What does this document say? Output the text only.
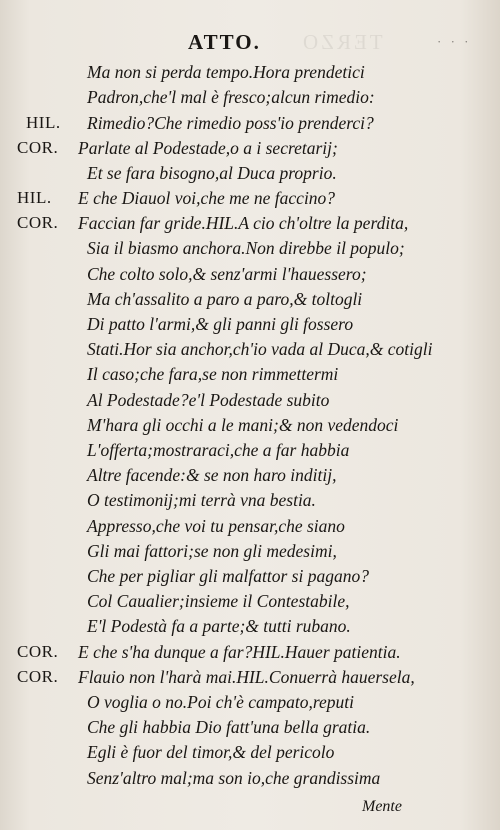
TERZO
ATTO.	· · ·
Ma non si perda tempo.Hora prendetici
Padron,che'l mal è fresco;alcun rimedio:
HIL. Rimedio?Che rimedio poss'io prenderci?
COR. Parlate al Podestade,o a i secretarij;
Et se fara bisogno,al Duca proprio.
HIL. E che Diauol voi,che me ne faccino?
COR. Faccian far gride.HIL.A cio ch'oltre la perdita,
Sia il biasmo anchora.Non direbbe il populo;
Che colto solo,& senz'armi l'hauessero;
Ma ch'assalito a paro a paro,& toltogli
Di patto l'armi,& gli panni gli fossero
Stati.Hor sia anchor,ch'io vada al Duca,& cotigli
Il caso;che fara,se non rimmettermi
Al Podestade?e'l Podestade subito
M'hara gli occhi a le mani;& non vedendoci
L'offerta;mostraraci,che a far habbia
Altre facende:& se non haro inditij,
O testimonij;mi terrà vna bestia.
Appresso,che voi tu pensar,che siano
Gli mai fattori;se non gli medesimi,
Che per pigliar gli malfattor si pagano?
Col Caualier;insieme il Contestabile,
E'l Podestà fa a parte;& tutti rubano.
COR. E che s'ha dunque a far?HIL.Hauer patientia.
COR. Flauio non l'harà mai.HIL.Conuerrà hauersela,
O voglia o no.Poi ch'è campato,reputi
Che gli habbia Dio fatt'una bella gratia.
Egli è fuor del timor,& del pericolo
Senz'altro mal;ma son io,che grandissima
Mente
